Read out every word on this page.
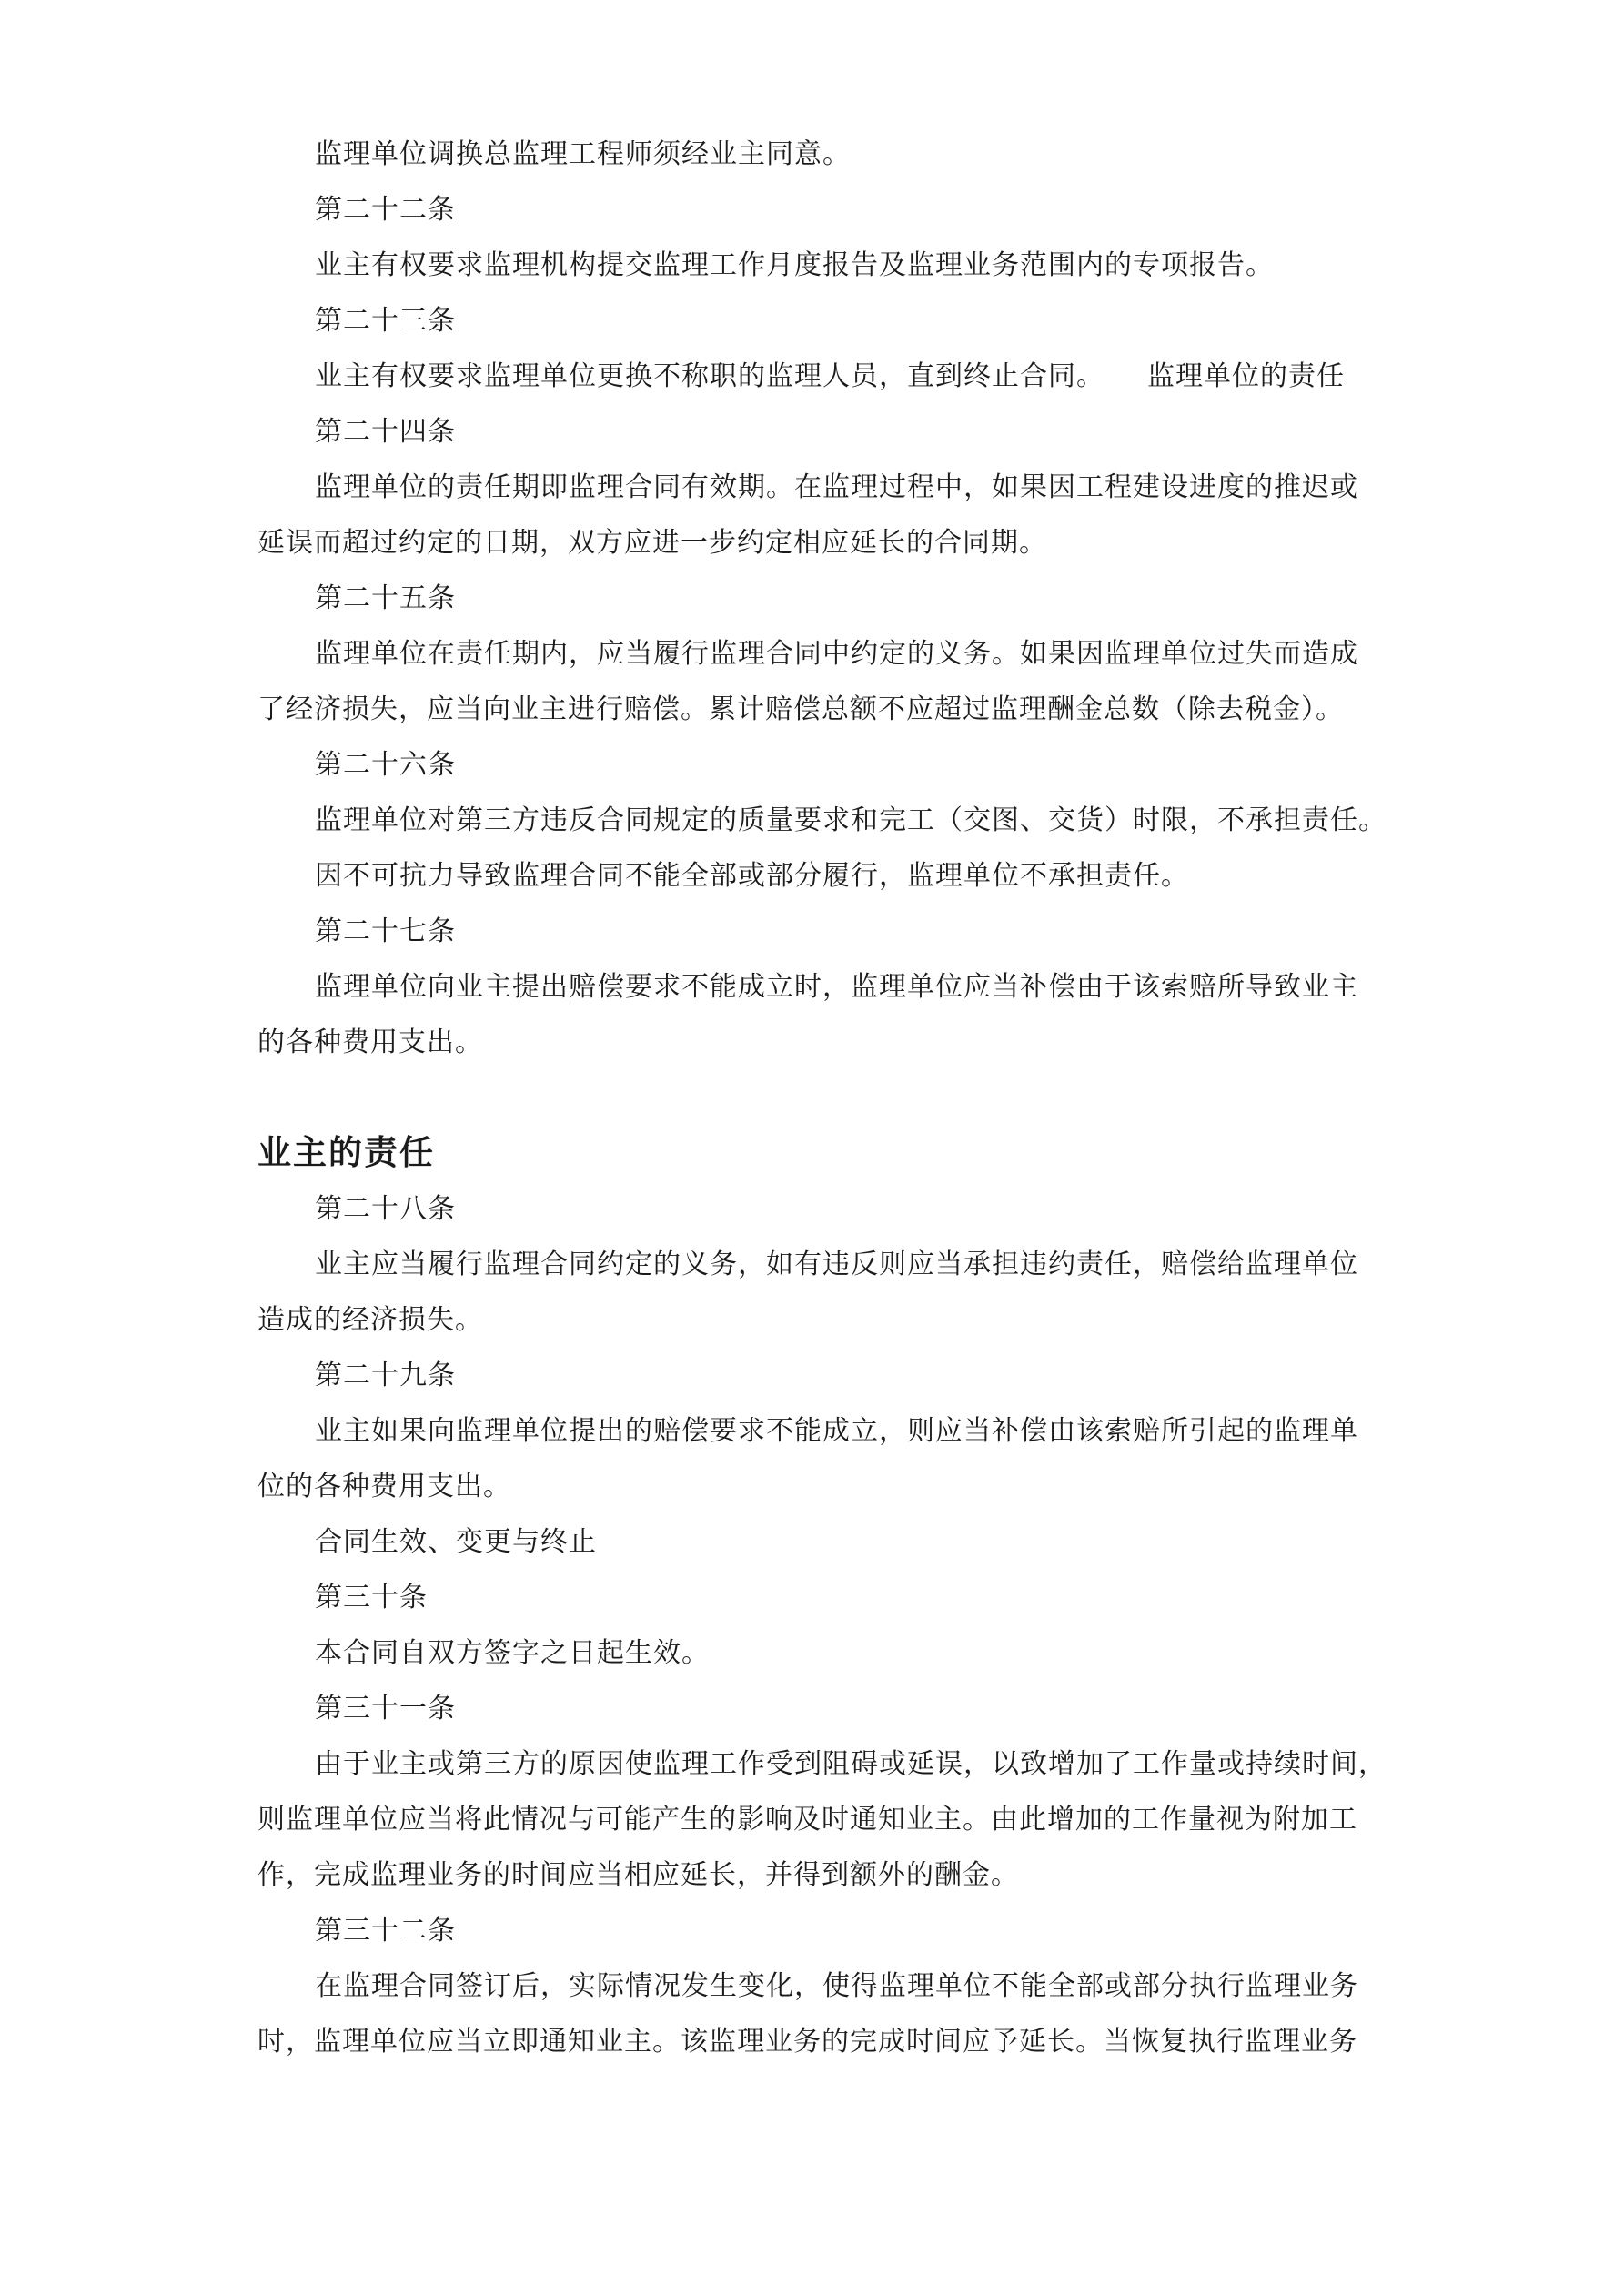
监理单位调换总监理工程师须经业主同意。
第二十二条
业主有权要求监理机构提交监理工作月度报告及监理业务范围内的专项报告。
第二十三条
业主有权要求监理单位更换不称职的监理人员，直到终止合同。　　监理单位的责任
第二十四条
监理单位的责任期即监理合同有效期。在监理过程中，如果因工程建设进度的推迟或
延误而超过约定的日期，双方应进一步约定相应延长的合同期。
第二十五条
监理单位在责任期内，应当履行监理合同中约定的义务。如果因监理单位过失而造成
了经济损失，应当向业主进行赔偿。累计赔偿总额不应超过监理酬金总数（除去税金）。
第二十六条
监理单位对第三方违反合同规定的质量要求和完工（交图、交货）时限，不承担责任。
因不可抗力导致监理合同不能全部或部分履行，监理单位不承担责任。
第二十七条
监理单位向业主提出赔偿要求不能成立时，监理单位应当补偿由于该索赔所导致业主
的各种费用支出。
业主的责任
第二十八条
业主应当履行监理合同约定的义务，如有违反则应当承担违约责任，赔偿给监理单位
造成的经济损失。
第二十九条
业主如果向监理单位提出的赔偿要求不能成立，则应当补偿由该索赔所引起的监理单
位的各种费用支出。
合同生效、变更与终止
第三十条
本合同自双方签字之日起生效。
第三十一条
由于业主或第三方的原因使监理工作受到阻碍或延误，以致增加了工作量或持续时间，
则监理单位应当将此情况与可能产生的影响及时通知业主。由此增加的工作量视为附加工
作，完成监理业务的时间应当相应延长，并得到额外的酬金。
第三十二条
在监理合同签订后，实际情况发生变化，使得监理单位不能全部或部分执行监理业务
时，监理单位应当立即通知业主。该监理业务的完成时间应予延长。当恢复执行监理业务
